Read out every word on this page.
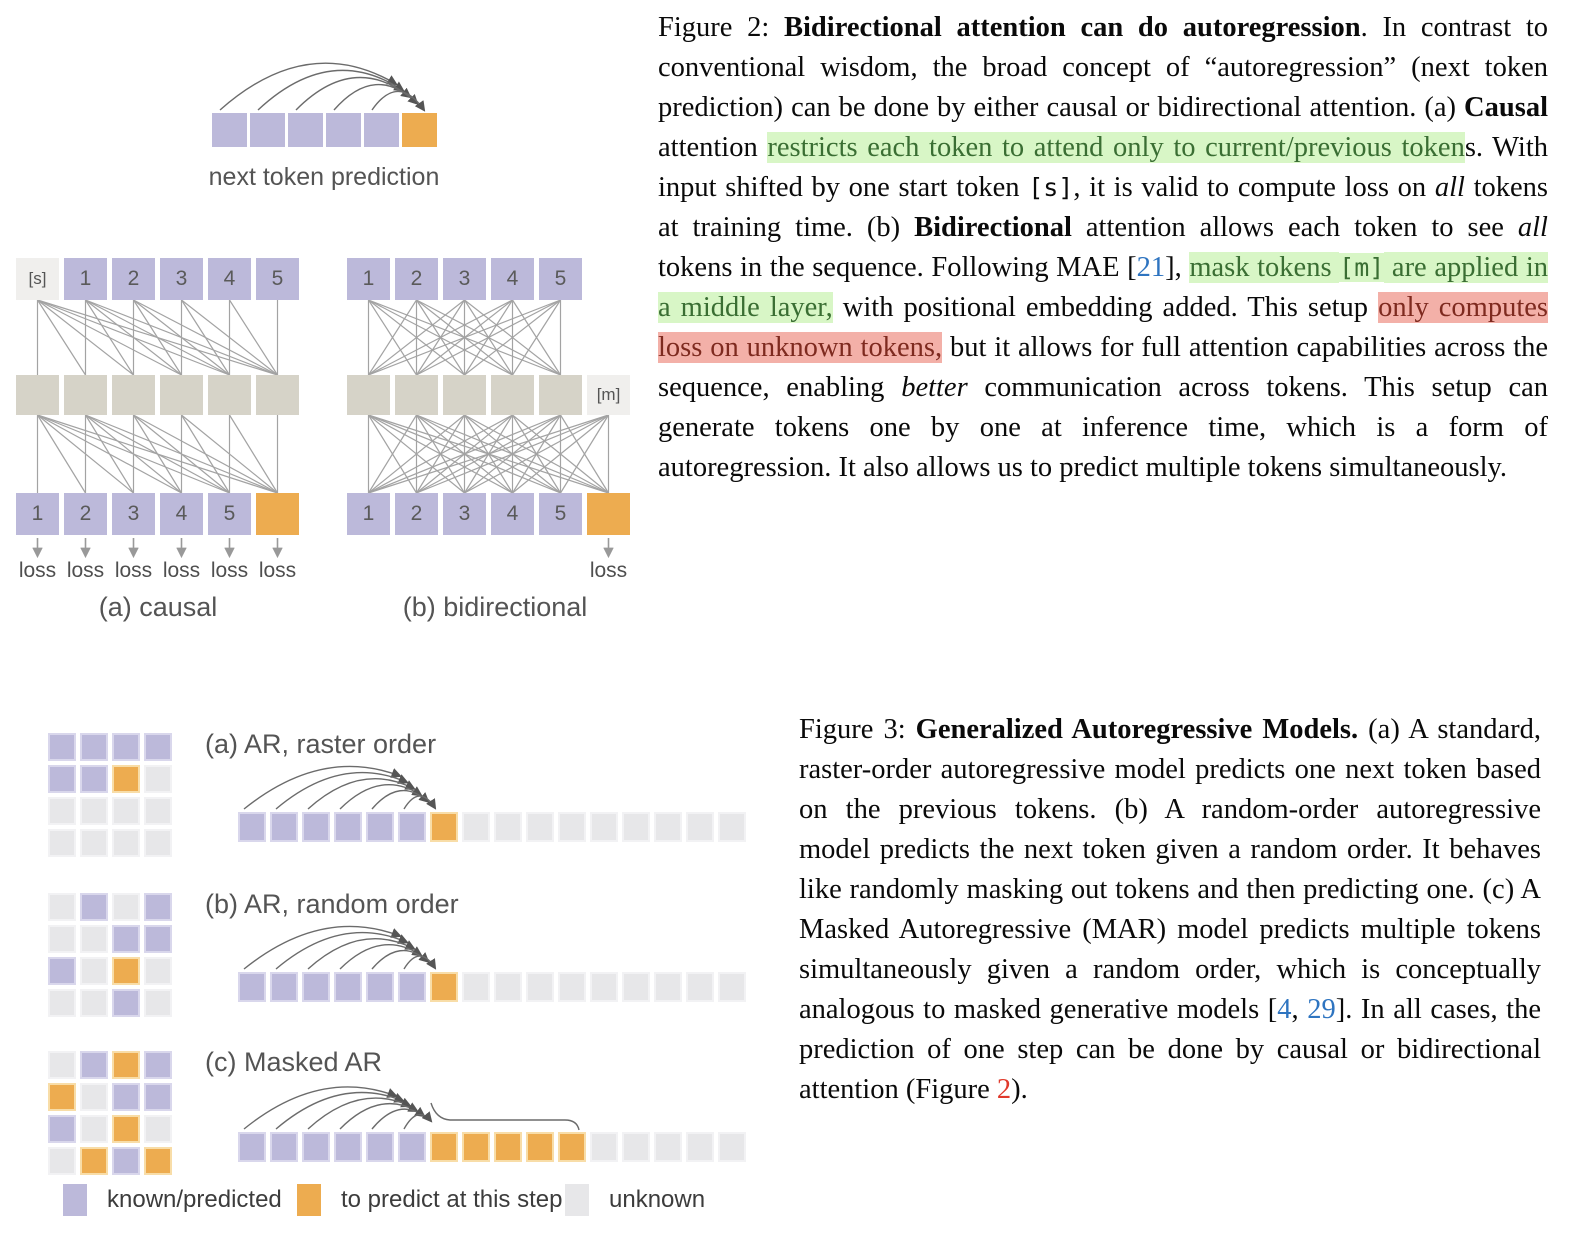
next token prediction
[s]	1	2	3	4	5
1	2	3	4	5
loss loss loss loss loss loss
1	2	3	4	5
[m]
1	2	3	4	5
loss
(a) causal	(b) bidirectional
Figure 2: Bidirectional attention can do autoregression. In contrast to conventional wisdom, the broad concept of “autoregression” (next token prediction) can be done by either causal or bidirectional attention. (a) Causal attention restricts each token to attend only to current/previous tokens. With input shifted by one start token [s], it is valid to compute loss on all tokens at training time. (b) Bidirectional attention allows each token to see all tokens in the sequence. Following MAE [21], mask tokens [m] are applied in a middle layer, with positional embedding added. This setup only computes loss on unknown tokens, but it allows for full attention capabilities across the sequence, enabling better communication across tokens. This setup can generate tokens one by one at inference time, which is a form of autoregression. It also allows us to predict multiple tokens simultaneously.
(a) AR, raster order
(b) AR, random order
(c) Masked AR
known/predicted to predict at this step unknown
Figure 3: Generalized Autoregressive Models. (a) A standard, raster-order autoregressive model predicts one next token based on the previous tokens. (b) A random-order autoregressive model predicts the next token given a random order. It behaves like randomly masking out tokens and then predicting one. (c) A Masked Autoregressive (MAR) model predicts multiple tokens simultaneously given a random order, which is conceptually analogous to masked generative models [4, 29]. In all cases, the prediction of one step can be done by causal or bidirectional attention (Figure 2).
